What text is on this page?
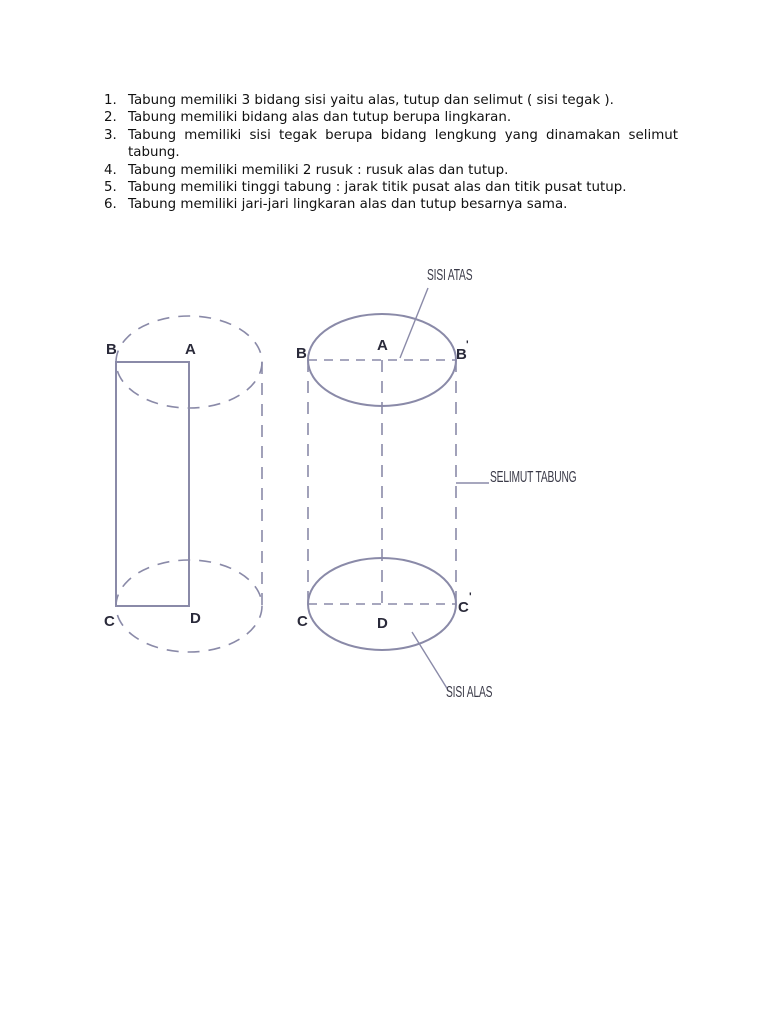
1. Tabung memiliki 3 bidang sisi yaitu alas, tutup dan selimut ( sisi tegak ).
2. Tabung memiliki bidang alas dan tutup berupa lingkaran.
3. Tabung memiliki sisi tegak berupa bidang lengkung yang dinamakan selimut tabung.
4. Tabung memiliki memiliki 2 rusuk : rusuk alas dan tutup.
5. Tabung memiliki tinggi tabung : jarak titik pusat alas dan titik pusat tutup.
6. Tabung memiliki jari-jari lingkaran alas dan tutup besarnya sama.
B	A
C	D
B	A
B
'
C	D
C
'
SISI ATAS
SELIMUT TABUNG
SISI ALAS
